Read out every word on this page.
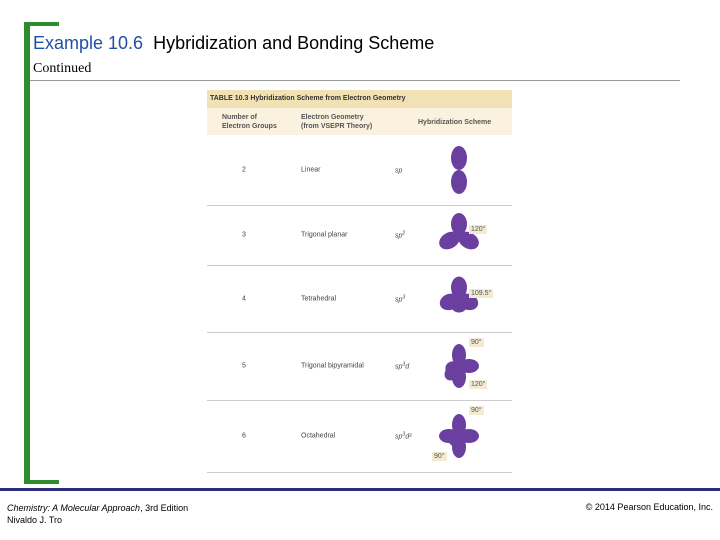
Example 10.6 Hybridization and Bonding Scheme
Continued
TABLE 10.3 Hybridization Scheme from Electron Geometry
Number of
Electron Groups
Electron Geometry
(from VSEPR Theory)
Hybridization Scheme
2	Linear	sp
3	Trigonal planar	$sp^2$
120°
4	Tetrahedral	$sp^3$
109.5°
5	Trigonal bipyramidal	$sp^3d$
90°
120°
6	Octahedral	$sp^3d^2$
90°
90°
Chemistry: A Molecular Approach, 3rd Edition
Nivaldo J. Tro
© 2014 Pearson Education, Inc.
